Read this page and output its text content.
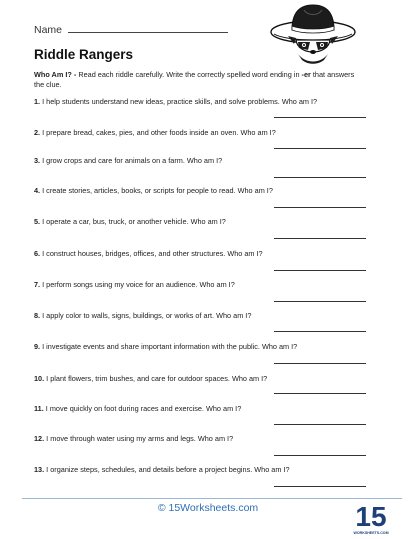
Name
Riddle Rangers
Who Am I? - Read each riddle carefully. Write the correctly spelled word ending in -er that answers the clue.
1. I help students understand new ideas, practice skills, and solve problems. Who am I?
2. I prepare bread, cakes, pies, and other foods inside an oven. Who am I?
3. I grow crops and care for animals on a farm. Who am I?
4. I create stories, articles, books, or scripts for people to read. Who am I?
5. I operate a car, bus, truck, or another vehicle. Who am I?
6. I construct houses, bridges, offices, and other structures. Who am I?
7. I perform songs using my voice for an audience. Who am I?
8. I apply color to walls, signs, buildings, or works of art. Who am I?
9. I investigate events and share important information with the public. Who am I?
10. I plant flowers, trim bushes, and care for outdoor spaces. Who am I?
11. I move quickly on foot during races and exercise. Who am I?
12. I move through water using my arms and legs. Who am I?
13. I organize steps, schedules, and details before a project begins. Who am I?
© 15Worksheets.com	15
WORKSHEETS.COM
